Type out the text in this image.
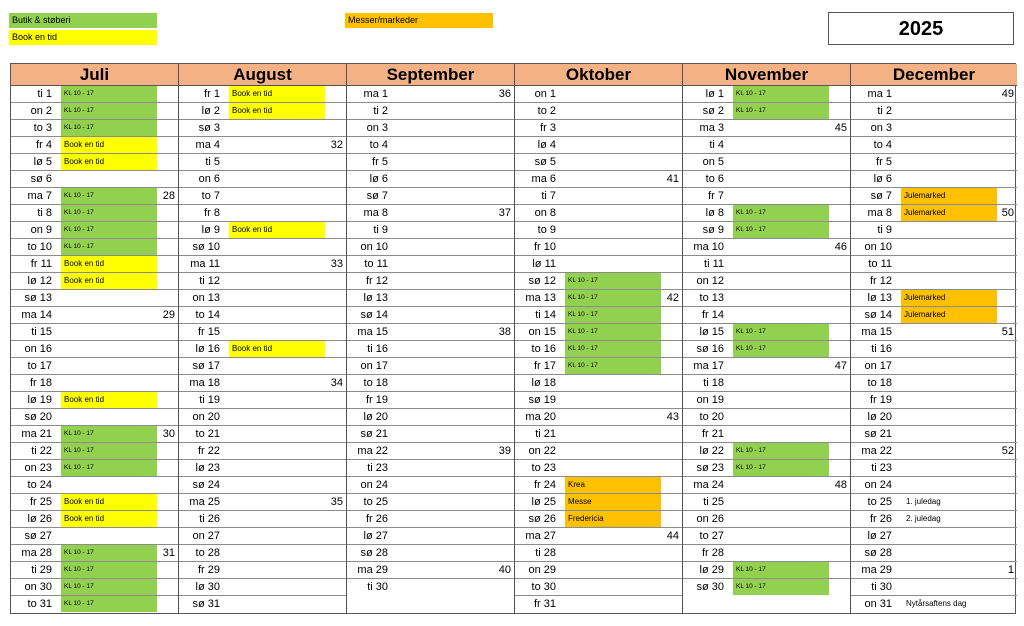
Butik & støberi
Book en tid
Messer/markeder	2025
Juli
ti 1	KL 10 - 17
on 2	KL 10 - 17
to 3	KL 10 - 17
fr 4	Book en tid
lø 5	Book en tid
sø 6
ma 7	KL 10 - 17	28
ti 8	KL 10 - 17
on 9	KL 10 - 17
to 10	KL 10 - 17
fr 11	Book en tid
lø 12	Book en tid
sø 13
ma 14	29
ti 15
on 16
to 17
fr 18
lø 19	Book en tid
sø 20
ma 21	KL 10 - 17	30
ti 22	KL 10 - 17
on 23	KL 10 - 17
to 24
fr 25	Book en tid
lø 26	Book en tid
sø 27
ma 28	KL 10 - 17	31
ti 29	KL 10 - 17
on 30	KL 10 - 17
to 31	KL 10 - 17
August
fr 1	Book en tid
lø 2	Book en tid
sø 3
ma 4	32
ti 5
on 6
to 7
fr 8
lø 9	Book en tid
sø 10
ma 11	33
ti 12
on 13
to 14
fr 15
lø 16	Book en tid
sø 17
ma 18	34
ti 19
on 20
to 21
fr 22
lø 23
sø 24
ma 25	35
ti 26
on 27
to 28
fr 29
lø 30
sø 31
September
ma 1	36
ti 2
on 3
to 4
fr 5
lø 6
sø 7
ma 8	37
ti 9
on 10
to 11
fr 12
lø 13
sø 14
ma 15	38
ti 16
on 17
to 18
fr 19
lø 20
sø 21
ma 22	39
ti 23
on 24
to 25
fr 26
lø 27
sø 28
ma 29	40
ti 30
Oktober
on 1
to 2
fr 3
lø 4
sø 5
ma 6	41
ti 7
on 8
to 9
fr 10
lø 11
sø 12	KL 10 - 17
ma 13	KL 10 - 17	42
ti 14	KL 10 - 17
on 15	KL 10 - 17
to 16	KL 10 - 17
fr 17	KL 10 - 17
lø 18
sø 19
ma 20	43
ti 21
on 22
to 23
fr 24	Krea
lø 25	Messe
sø 26	Fredericia
ma 27	44
ti 28
on 29
to 30
fr 31
November
lø 1	KL 10 - 17
sø 2	KL 10 - 17
ma 3	45
ti 4
on 5
to 6
fr 7
lø 8	KL 10 - 17
sø 9	KL 10 - 17
ma 10	46
ti 11
on 12
to 13
fr 14
lø 15	KL 10 - 17
sø 16	KL 10 - 17
ma 17	47
ti 18
on 19
to 20
fr 21
lø 22	KL 10 - 17
sø 23	KL 10 - 17
ma 24	48
ti 25
on 26
to 27
fr 28
lø 29	KL 10 - 17
sø 30	KL 10 - 17
December
ma 1	49
ti 2
on 3
to 4
fr 5
lø 6
sø 7	Julemarked
ma 8	Julemarked	50
ti 9
on 10
to 11
fr 12
lø 13	Julemarked
sø 14	Julemarked
ma 15	51
ti 16
on 17
to 18
fr 19
lø 20
sø 21
ma 22	52
ti 23
on 24
to 25	1. juledag
fr 26	2. juledag
lø 27
sø 28
ma 29	1
ti 30
on 31	Nytårsaftens dag
